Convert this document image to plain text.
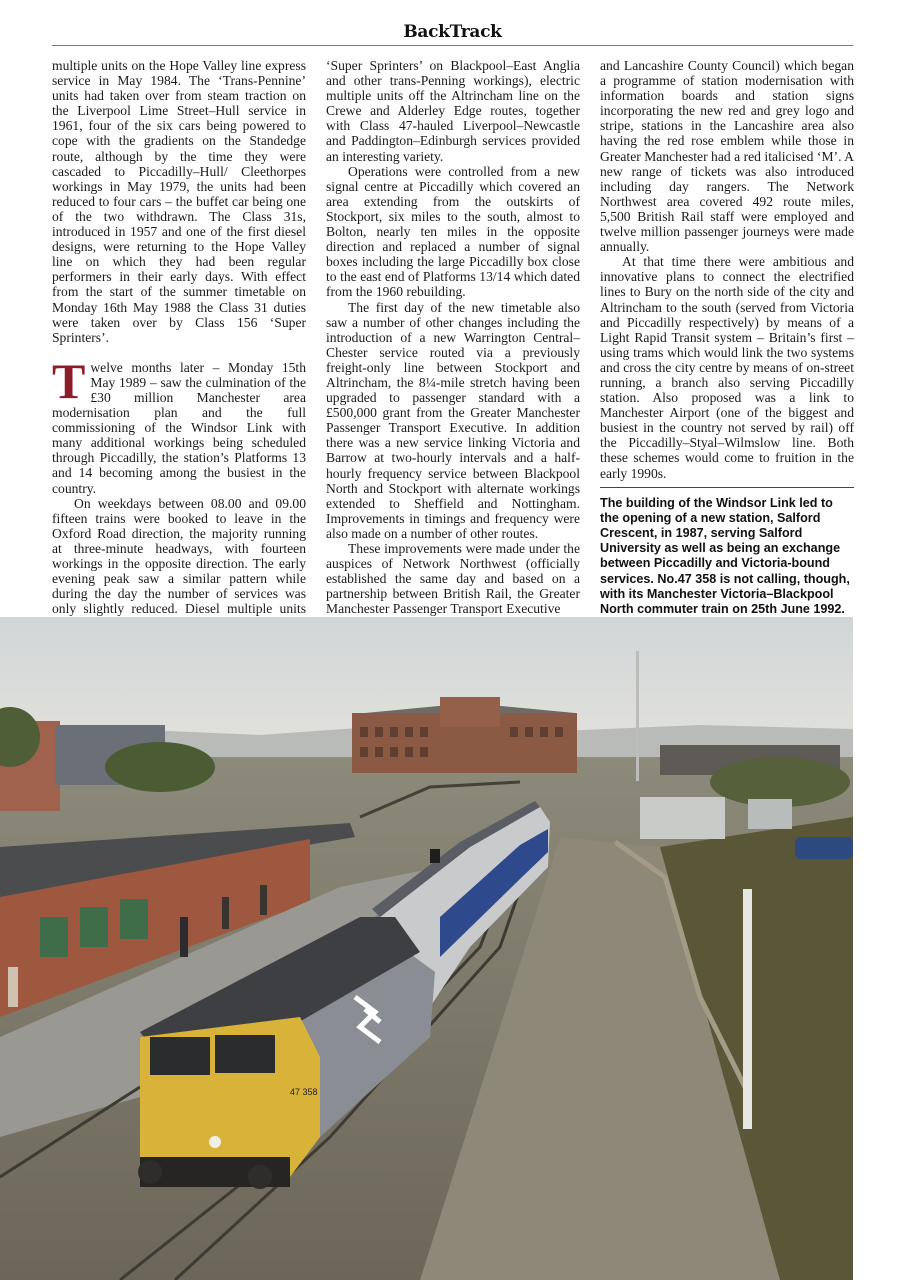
BackTrack

multiple units on the Hope Valley line express service in May 1984. The ‘Trans-Pennine’ units had taken over from steam traction on the Liverpool Lime Street–Hull service in 1961, four of the six cars being powered to cope with the gradients on the Standedge route, although by the time they were cascaded to Piccadilly–Hull/ Cleethorpes workings in May 1979, the units had been reduced to four cars – the buffet car being one of the two withdrawn. The Class 31s, introduced in 1957 and one of the first diesel designs, were returning to the Hope Valley line on which they had been regular performers in their early days. With effect from the start of the summer timetable on Monday 16th May 1988 the Class 31 duties were taken over by Class 156 ‘Super Sprinters’.

Twelve months later – Monday 15th May 1989 – saw the culmination of the £30 million Manchester area modernisation plan and the full commissioning of the Windsor Link with many additional workings being scheduled through Piccadilly, the station’s Platforms 13 and 14 becoming among the busiest in the country.

On weekdays between 08.00 and 09.00 fifteen trains were booked to leave in the Oxford Road direction, the majority running at three-minute headways, with fourteen workings in the opposite direction. The early evening peak saw a similar pattern while during the day the number of services was only slightly reduced. Diesel multiple units

‘Super Sprinters’ on Blackpool–East Anglia and other trans-Penning workings), electric multiple units off the Altrincham line on the Crewe and Alderley Edge routes, together with Class 47-hauled Liverpool–Newcastle and Paddington–Edinburgh services provided an interesting variety.

Operations were controlled from a new signal centre at Piccadilly which covered an area extending from the outskirts of Stockport, six miles to the south, almost to Bolton, nearly ten miles in the opposite direction and replaced a number of signal boxes including the large Piccadilly box close to the east end of Platforms 13/14 which dated from the 1960 rebuilding.

The first day of the new timetable also saw a number of other changes including the introduction of a new Warrington Central–Chester service routed via a previously freight-only line between Stockport and Altrincham, the 8¼-mile stretch having been upgraded to passenger standard with a £500,000 grant from the Greater Manchester Passenger Transport Executive. In addition there was a new service linking Victoria and Barrow at two-hourly intervals and a half-hourly frequency service between Blackpool North and Stockport with alternate workings extended to Sheffield and Nottingham. Improvements in timings and frequency were also made on a number of other routes.

These improvements were made under the auspices of Network Northwest (officially established the same day and based on a partnership between British Rail, the Greater Manchester Passenger Transport Executive

and Lancashire County Council) which began a programme of station modernisation with information boards and station signs incorporating the new red and grey logo and stripe, stations in the Lancashire area also having the red rose emblem while those in Greater Manchester had a red italicised ‘M’. A new range of tickets was also introduced including day rangers. The Network Northwest area covered 492 route miles, 5,500 British Rail staff were employed and twelve million passenger journeys were made annually.

At that time there were ambitious and innovative plans to connect the electrified lines to Bury on the north side of the city and Altrincham to the south (served from Victoria and Piccadilly respectively) by means of a Light Rapid Transit system – Britain’s first – using trams which would link the two systems and cross the city centre by means of on-street running, a branch also serving Piccadilly station. Also proposed was a link to Manchester Airport (one of the biggest and busiest in the country not served by rail) off the Piccadilly–Styal–Wilmslow line. Both these schemes would come to fruition in the early 1990s.

The building of the Windsor Link led to the opening of a new station, Salford Crescent, in 1987, serving Salford University as well as being an exchange between Piccadilly and Victoria-bound services. No.47 358 is not calling, though, with its Manchester Victoria–Blackpool North commuter train on 25th June 1992.
47 358
